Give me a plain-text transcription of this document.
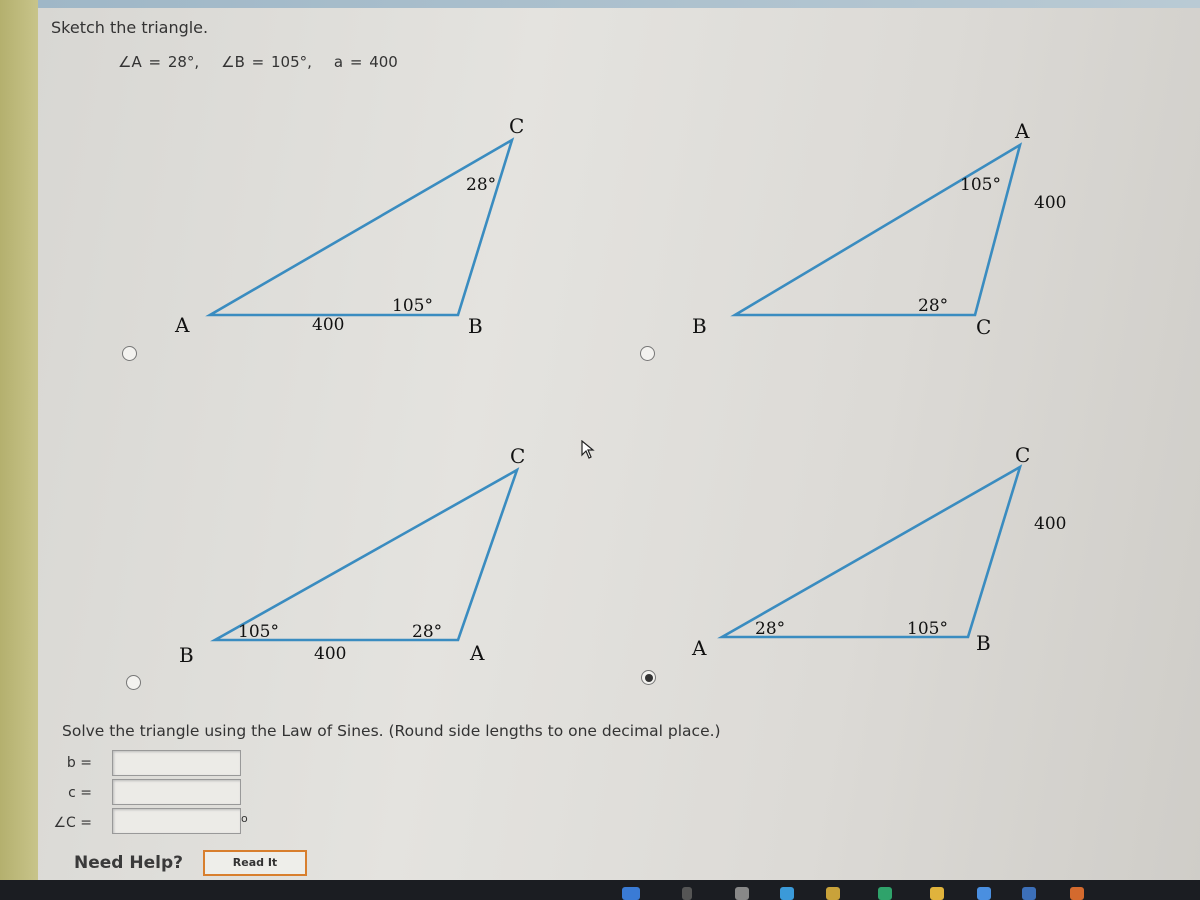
Sketch the triangle.
∠A = 28°, ∠B = 105°, a = 400
A	B
C
105°
28°
400	B	C
A
28°
105°
400
B	A
C
105°	28°
400	A	B
C
28°	105°
400
Solve the triangle using the Law of Sines. (Round side lengths to one decimal place.)
b =
c =
∠C =	o
Need Help?	Read It
